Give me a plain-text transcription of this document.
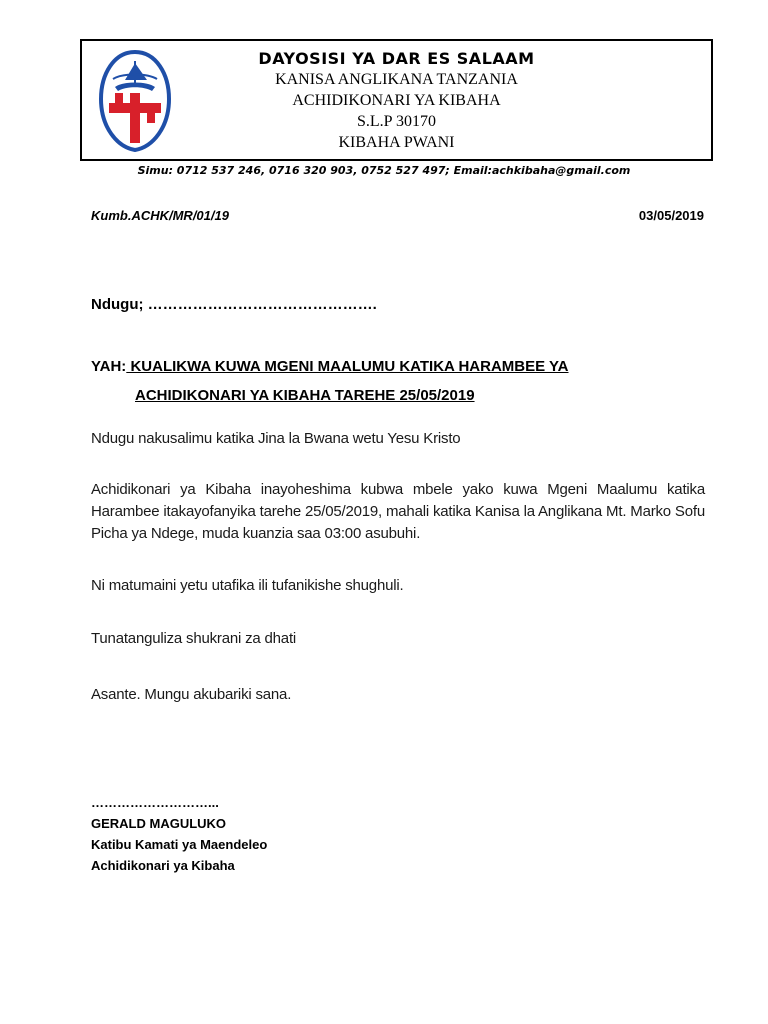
DAYOSISI YA DAR ES SALAAM
KANISA ANGLIKANA TANZANIA
ACHIDIKONARI YA KIBAHA
S.L.P 30170
KIBAHA PWANI
Simu: 0712 537 246, 0716 320 903, 0752 527 497; Email:achkibaha@gmail.com
Kumb.ACHK/MR/01/19	03/05/2019
Ndugu; ……………………………………….
YAH: KUALIKWA KUWA MGENI MAALUMU KATIKA HARAMBEE YA
ACHIDIKONARI YA KIBAHA TAREHE 25/05/2019
Ndugu nakusalimu katika Jina la Bwana wetu Yesu Kristo
Achidikonari ya Kibaha inayoheshima kubwa mbele yako kuwa Mgeni Maalumu katika Harambee itakayofanyika tarehe 25/05/2019, mahali katika Kanisa la Anglikana Mt. Marko Sofu Picha ya Ndege, muda kuanzia saa 03:00 asubuhi.
Ni matumaini yetu utafika ili tufanikishe shughuli.
Tunatanguliza shukrani za dhati
Asante. Mungu akubariki sana.
………………………...
GERALD MAGULUKO
Katibu Kamati ya Maendeleo
Achidikonari ya Kibaha
